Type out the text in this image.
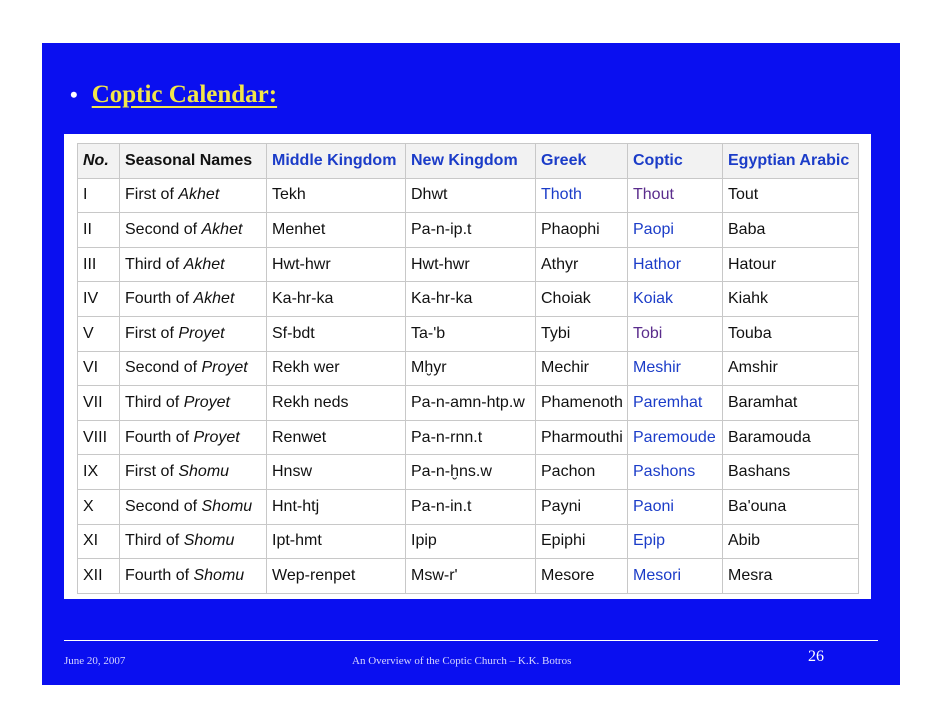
• Coptic Calendar:
No.	Seasonal Names	Middle Kingdom	New Kingdom	Greek	Coptic	Egyptian Arabic
I	First of Akhet	Tekh	Dhwt	Thoth	Thout	Tout
II	Second of Akhet	Menhet	Pa-n-ip.t	Phaophi	Paopi	Baba
III	Third of Akhet	Hwt-hwr	Hwt-hwr	Athyr	Hathor	Hatour
IV	Fourth of Akhet	Ka-hr-ka	Ka-hr-ka	Choiak	Koiak	Kiahk
V	First of Proyet	Sf-bdt	Ta-'b	Tybi	Tobi	Touba
VI	Second of Proyet	Rekh wer	Mḫyr	Mechir	Meshir	Amshir
VII	Third of Proyet	Rekh neds	Pa-n-amn-htp.w	Phamenoth	Paremhat	Baramhat
VIII	Fourth of Proyet	Renwet	Pa-n-rnn.t	Pharmouthi	Paremoude	Baramouda
IX	First of Shomu	Hnsw	Pa-n-ḫns.w	Pachon	Pashons	Bashans
X	Second of Shomu	Hnt-htj	Pa-n-in.t	Payni	Paoni	Ba'ouna
XI	Third of Shomu	Ipt-hmt	Ipip	Epiphi	Epip	Abib
XII	Fourth of Shomu	Wep-renpet	Msw-r'	Mesore	Mesori	Mesra
June 20, 2007	An Overview of the Coptic Church – K.K. Botros	26
